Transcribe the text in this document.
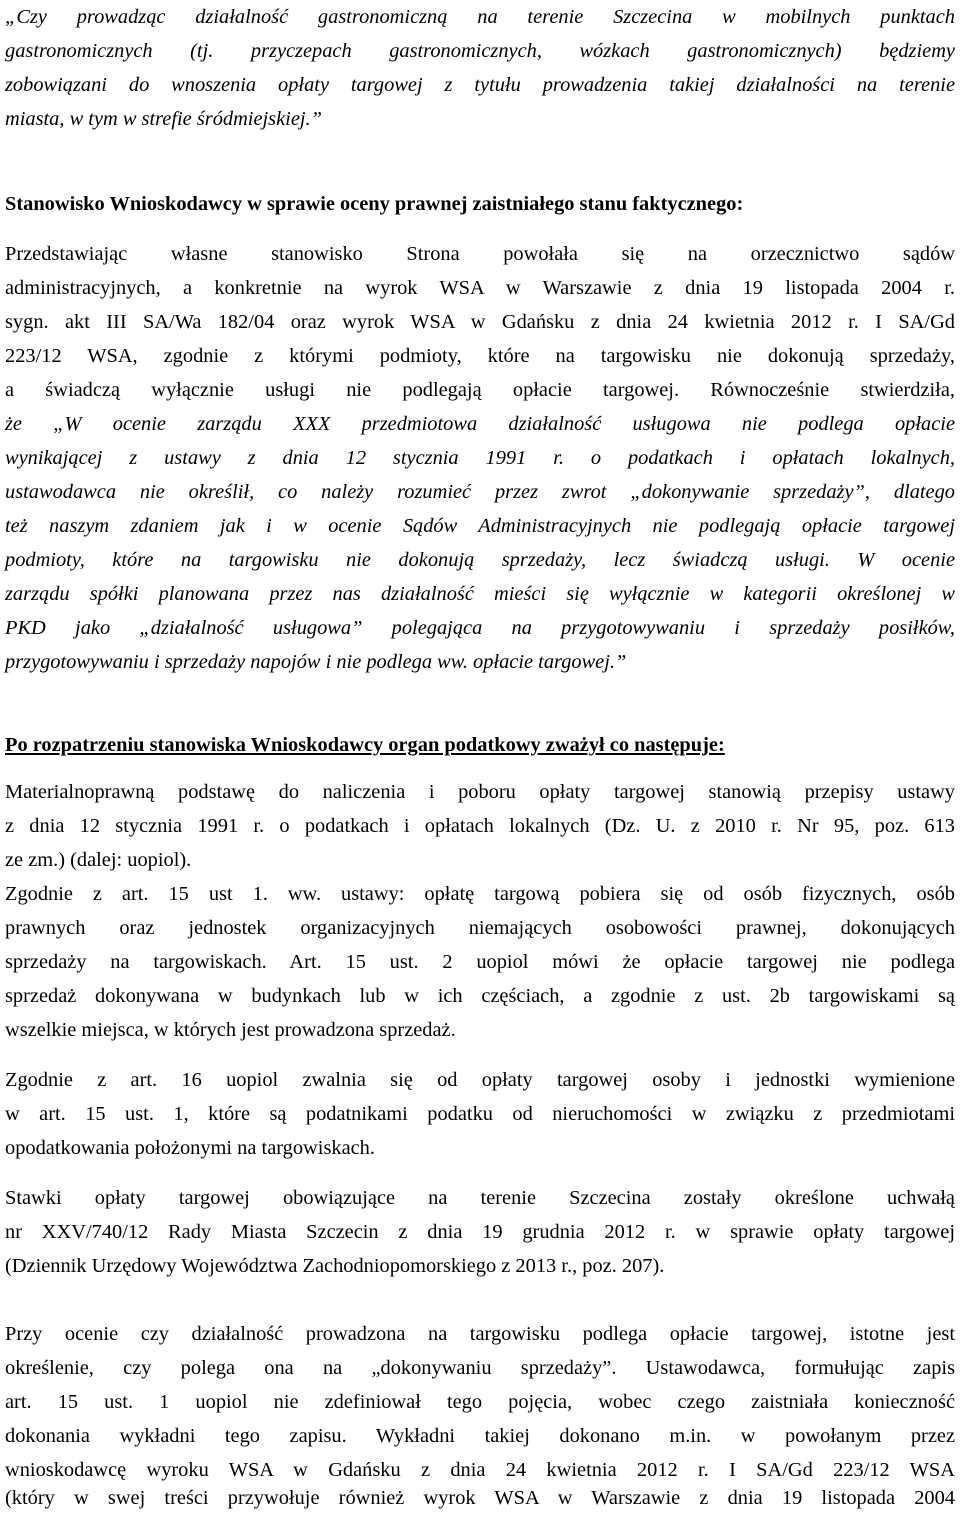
„Czy prowadząc działalność gastronomiczną na terenie Szczecina w mobilnych punktach
gastronomicznych (tj. przyczepach gastronomicznych, wózkach gastronomicznych) będziemy
zobowiązani do wnoszenia opłaty targowej z tytułu prowadzenia takiej działalności na terenie
miasta, w tym w strefie śródmiejskiej.”
Stanowisko Wnioskodawcy w sprawie oceny prawnej zaistniałego stanu faktycznego:
Przedstawiając własne stanowisko Strona powołała się na orzecznictwo sądów
administracyjnych, a konkretnie na wyrok WSA w Warszawie z dnia 19 listopada 2004 r.
sygn. akt III SA/Wa 182/04 oraz wyrok WSA w Gdańsku z dnia 24 kwietnia 2012 r. I SA/Gd
223/12 WSA, zgodnie z którymi podmioty, które na targowisku nie dokonują sprzedaży,
a świadczą wyłącznie usługi nie podlegają opłacie targowej. Równocześnie stwierdziła,
że „W ocenie zarządu XXX przedmiotowa działalność usługowa nie podlega opłacie
wynikającej z ustawy z dnia 12 stycznia 1991 r. o podatkach i opłatach lokalnych,
ustawodawca nie określił, co należy rozumieć przez zwrot „dokonywanie sprzedaży”, dlatego
też naszym zdaniem jak i w ocenie Sądów Administracyjnych nie podlegają opłacie targowej
podmioty, które na targowisku nie dokonują sprzedaży, lecz świadczą usługi. W ocenie
zarządu spółki planowana przez nas działalność mieści się wyłącznie w kategorii określonej w
PKD jako „działalność usługowa” polegająca na przygotowywaniu i sprzedaży posiłków,
przygotowywaniu i sprzedaży napojów i nie podlega ww. opłacie targowej.”
Po rozpatrzeniu stanowiska Wnioskodawcy organ podatkowy zważył co następuje:
Materialnoprawną podstawę do naliczenia i poboru opłaty targowej stanowią przepisy ustawy
z dnia 12 stycznia 1991 r. o podatkach i opłatach lokalnych (Dz. U. z 2010 r. Nr 95, poz. 613
ze zm.) (dalej: uopiol).
Zgodnie z art. 15 ust 1. ww. ustawy: opłatę targową pobiera się od osób fizycznych, osób
prawnych oraz jednostek organizacyjnych niemających osobowości prawnej, dokonujących
sprzedaży na targowiskach. Art. 15 ust. 2 uopiol mówi że opłacie targowej nie podlega
sprzedaż dokonywana w budynkach lub w ich częściach, a zgodnie z ust. 2b targowiskami są
wszelkie miejsca, w których jest prowadzona sprzedaż.
Zgodnie z art. 16 uopiol zwalnia się od opłaty targowej osoby i jednostki wymienione
w art. 15 ust. 1, które są podatnikami podatku od nieruchomości w związku z przedmiotami
opodatkowania położonymi na targowiskach.
Stawki opłaty targowej obowiązujące na terenie Szczecina zostały określone uchwałą
nr XXV/740/12 Rady Miasta Szczecin z dnia 19 grudnia 2012 r. w sprawie opłaty targowej
(Dziennik Urzędowy Województwa Zachodniopomorskiego z 2013 r., poz. 207).
Przy ocenie czy działalność prowadzona na targowisku podlega opłacie targowej, istotne jest
określenie, czy polega ona na „dokonywaniu sprzedaży”. Ustawodawca, formułując zapis
art. 15 ust. 1 uopiol nie zdefiniował tego pojęcia, wobec czego zaistniała konieczność
dokonania wykładni tego zapisu. Wykładni takiej dokonano m.in. w powołanym przez
wnioskodawcę wyroku WSA w Gdańsku z dnia 24 kwietnia 2012 r. I SA/Gd 223/12 WSA
(który w swej treści przywołuje również wyrok WSA w Warszawie z dnia 19 listopada 2004
